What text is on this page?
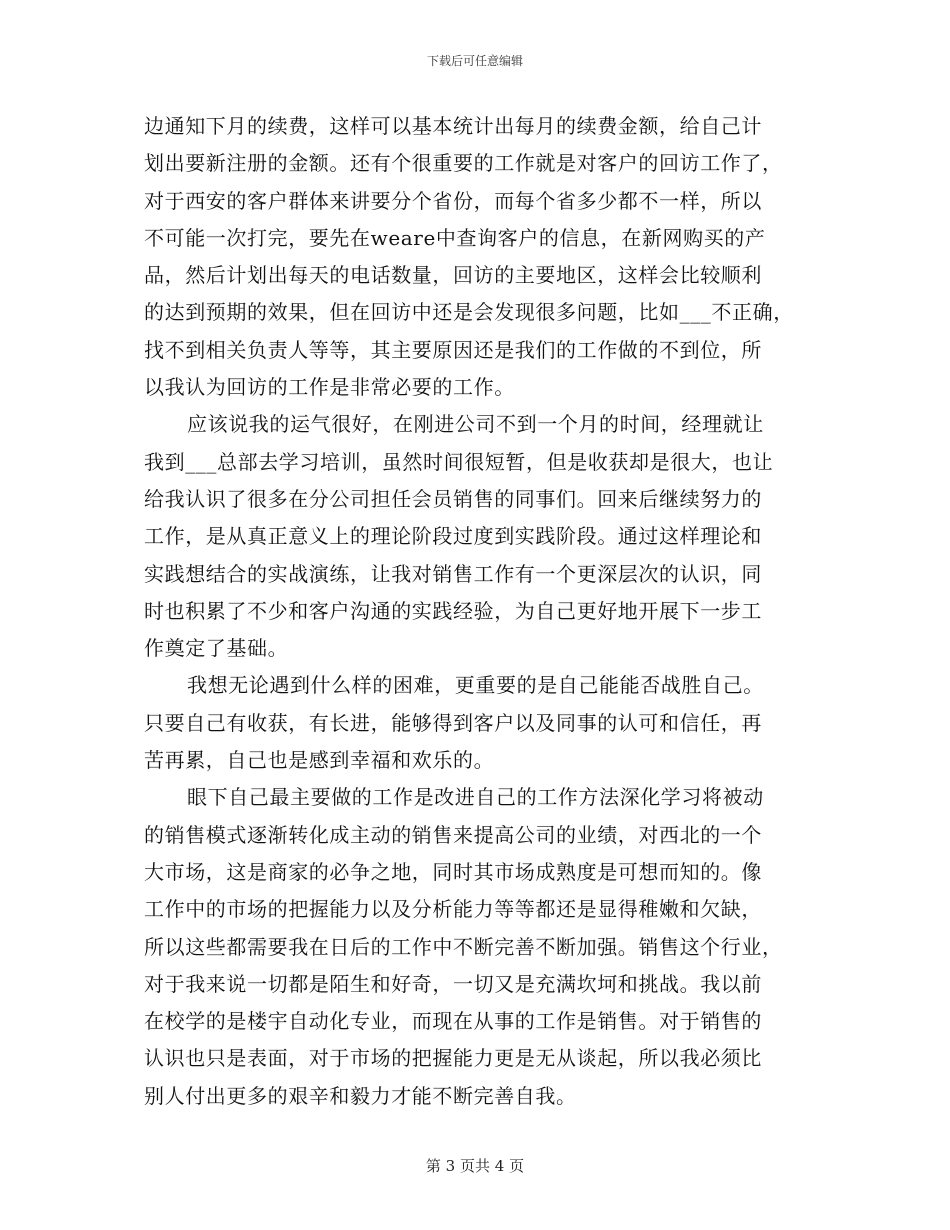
下载后可任意编辑
边通知下月的续费，这样可以基本统计出每月的续费金额，给自己计
划出要新注册的金额。还有个很重要的工作就是对客户的回访工作了，
对于西安的客户群体来讲要分个省份，而每个省多少都不一样，所以
不可能一次打完，要先在weare中查询客户的信息，在新网购买的产
品，然后计划出每天的电话数量，回访的主要地区，这样会比较顺利
的达到预期的效果，但在回访中还是会发现很多问题，比如___不正确，
找不到相关负责人等等，其主要原因还是我们的工作做的不到位，所
以我认为回访的工作是非常必要的工作。
应该说我的运气很好，在刚进公司不到一个月的时间，经理就让
我到___总部去学习培训，虽然时间很短暂，但是收获却是很大，也让
给我认识了很多在分公司担任会员销售的同事们。回来后继续努力的
工作，是从真正意义上的理论阶段过度到实践阶段。通过这样理论和
实践想结合的实战演练，让我对销售工作有一个更深层次的认识，同
时也积累了不少和客户沟通的实践经验，为自己更好地开展下一步工
作奠定了基础。
我想无论遇到什么样的困难，更重要的是自己能能否战胜自己。
只要自己有收获，有长进，能够得到客户以及同事的认可和信任，再
苦再累，自己也是感到幸福和欢乐的。
眼下自己最主要做的工作是改进自己的工作方法深化学习将被动
的销售模式逐渐转化成主动的销售来提高公司的业绩，对西北的一个
大市场，这是商家的必争之地，同时其市场成熟度是可想而知的。像
工作中的市场的把握能力以及分析能力等等都还是显得稚嫩和欠缺，
所以这些都需要我在日后的工作中不断完善不断加强。销售这个行业，
对于我来说一切都是陌生和好奇，一切又是充满坎坷和挑战。我以前
在校学的是楼宇自动化专业，而现在从事的工作是销售。对于销售的
认识也只是表面，对于市场的把握能力更是无从谈起，所以我必须比
别人付出更多的艰辛和毅力才能不断完善自我。
第 3 页共 4 页
